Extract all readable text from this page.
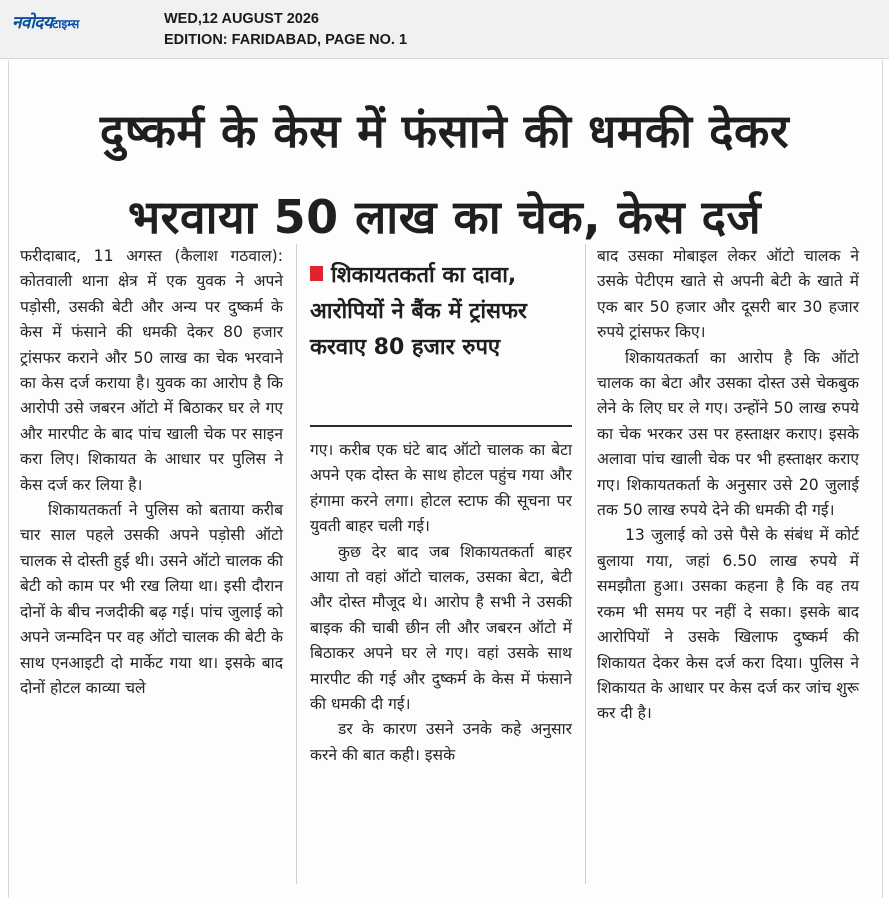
नवोदयटाइम्स	WED,12 AUGUST 2026
EDITION: FARIDABAD, PAGE NO. 1
दुष्कर्म के केस में फंसाने की धमकी देकर
भरवाया 50 लाख का चेक, केस दर्ज

फरीदाबाद, 11 अगस्त (कैलाश गठवाल): कोतवाली थाना क्षेत्र में एक युवक ने अपने पड़ोसी, उसकी बेटी और अन्य पर दुष्कर्म के केस में फंसाने की धमकी देकर 80 हजार ट्रांसफर कराने और 50 लाख का चेक भरवाने का केस दर्ज कराया है। युवक का आरोप है कि आरोपी उसे जबरन ऑटो में बिठाकर घर ले गए और मारपीट के बाद पांच खाली चेक पर साइन करा लिए। शिकायत के आधार पर पुलिस ने केस दर्ज कर लिया है।

शिकायतकर्ता ने पुलिस को बताया करीब चार साल पहले उसकी अपने पड़ोसी ऑटो चालक से दोस्ती हुई थी। उसने ऑटो चालक की बेटी को काम पर भी रख लिया था। इसी दौरान दोनों के बीच नजदीकी बढ़ गई। पांच जुलाई को अपने जन्मदिन पर वह ऑटो चालक की बेटी के साथ एनआइटी दो मार्केट गया था। इसके बाद दोनों होटल काव्या चले

शिकायतकर्ता का दावा, आरोपियों ने बैंक में ट्रांसफर करवाए 80 हजार रुपए

गए। करीब एक घंटे बाद ऑटो चालक का बेटा अपने एक दोस्त के साथ होटल पहुंच गया और हंगामा करने लगा। होटल स्टाफ की सूचना पर युवती बाहर चली गई।

कुछ देर बाद जब शिकायतकर्ता बाहर आया तो वहां ऑटो चालक, उसका बेटा, बेटी और दोस्त मौजूद थे। आरोप है सभी ने उसकी बाइक की चाबी छीन ली और जबरन ऑटो में बिठाकर अपने घर ले गए। वहां उसके साथ मारपीट की गई और दुष्कर्म के केस में फंसाने की धमकी दी गई।

डर के कारण उसने उनके कहे अनुसार करने की बात कही। इसके

बाद उसका मोबाइल लेकर ऑटो चालक ने उसके पेटीएम खाते से अपनी बेटी के खाते में एक बार 50 हजार और दूसरी बार 30 हजार रुपये ट्रांसफर किए।

शिकायतकर्ता का आरोप है कि ऑटो चालक का बेटा और उसका दोस्त उसे चेकबुक लेने के लिए घर ले गए। उन्होंने 50 लाख रुपये का चेक भरकर उस पर हस्ताक्षर कराए। इसके अलावा पांच खाली चेक पर भी हस्ताक्षर कराए गए। शिकायतकर्ता के अनुसार उसे 20 जुलाई तक 50 लाख रुपये देने की धमकी दी गई।

13 जुलाई को उसे पैसे के संबंध में कोर्ट बुलाया गया, जहां 6.50 लाख रुपये में समझौता हुआ। उसका कहना है कि वह तय रकम भी समय पर नहीं दे सका। इसके बाद आरोपियों ने उसके खिलाफ दुष्कर्म की शिकायत देकर केस दर्ज करा दिया। पुलिस ने शिकायत के आधार पर केस दर्ज कर जांच शुरू कर दी है।
